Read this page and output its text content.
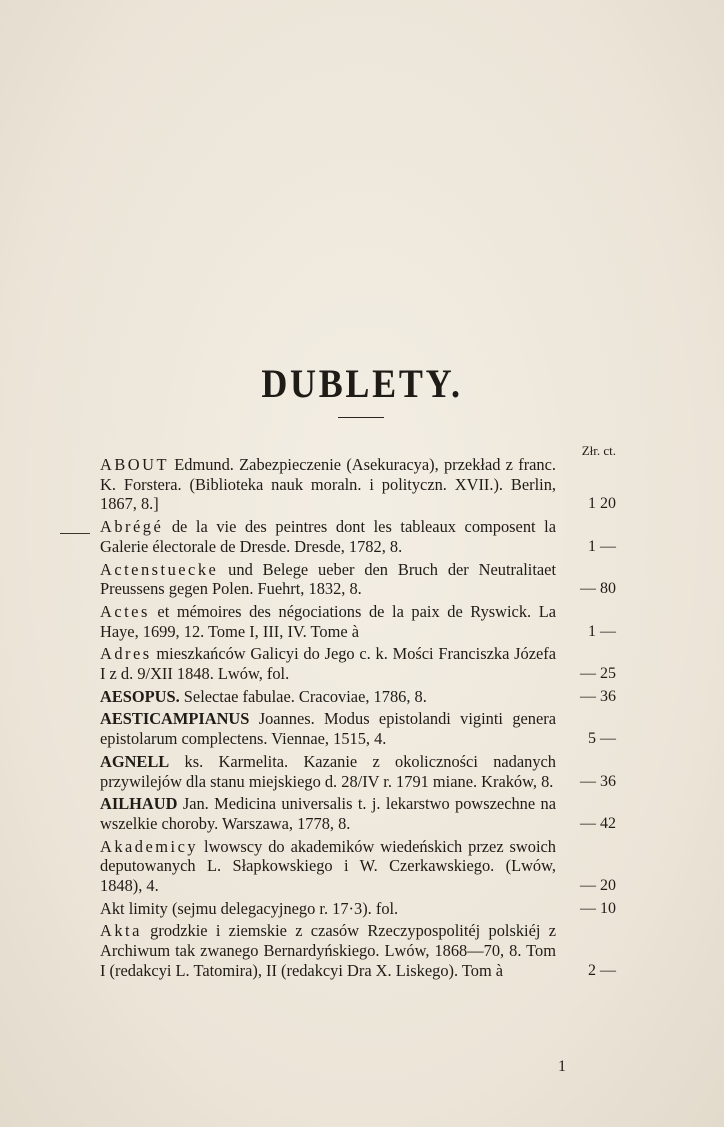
DUBLETY.

Złr. ct.

ABOUT Edmund. Zabezpieczenie (Asekuracya), przekład z franc. K. Forstera. (Biblioteka nauk moraln. i polityczn. XVII.). Berlin, 1867, 8.]	1 20

Abrégé de la vie des peintres dont les tableaux composent la Galerie électorale de Dresde. Dresde, 1782, 8.	1 —

Actenstuecke und Belege ueber den Bruch der Neutralitaet Preussens gegen Polen. Fuehrt, 1832, 8.	— 80

Actes et mémoires des négociations de la paix de Ryswick. La Haye, 1699, 12. Tome I, III, IV. Tome à	1 —

Adres mieszkańców Galicyi do Jego c. k. Mości Franciszka Józefa I z d. 9/XII 1848. Lwów, fol.	— 25

AESOPUS. Selectae fabulae. Cracoviae, 1786, 8.	— 36

AESTICAMPIANUS Joannes. Modus epistolandi viginti genera epistolarum complectens. Viennae, 1515, 4.	5 —

AGNELL ks. Karmelita. Kazanie z okoliczności nadanych przywilejów dla stanu miejskiego d. 28/IV r. 1791 miane. Kraków, 8. — 36

AILHAUD Jan. Medicina universalis t. j. lekarstwo powszechne na wszelkie choroby. Warszawa, 1778, 8.	— 42

Akademicy lwowscy do akademików wiedeńskich przez swoich deputowanych L. Słapkowskiego i W. Czerkawskiego. (Lwów, 1848), 4.	— 20

Akt limity (sejmu delegacyjnego r. 17·3). fol.	— 10

Akta grodzkie i ziemskie z czasów Rzeczypospolitéj polskiéj z Archiwum tak zwanego Bernardyńskiego. Lwów, 1868—70, 8. Tom I (redakcyi L. Tatomira), II (redakcyi Dra X. Liskego). Tom à	2 —

1
